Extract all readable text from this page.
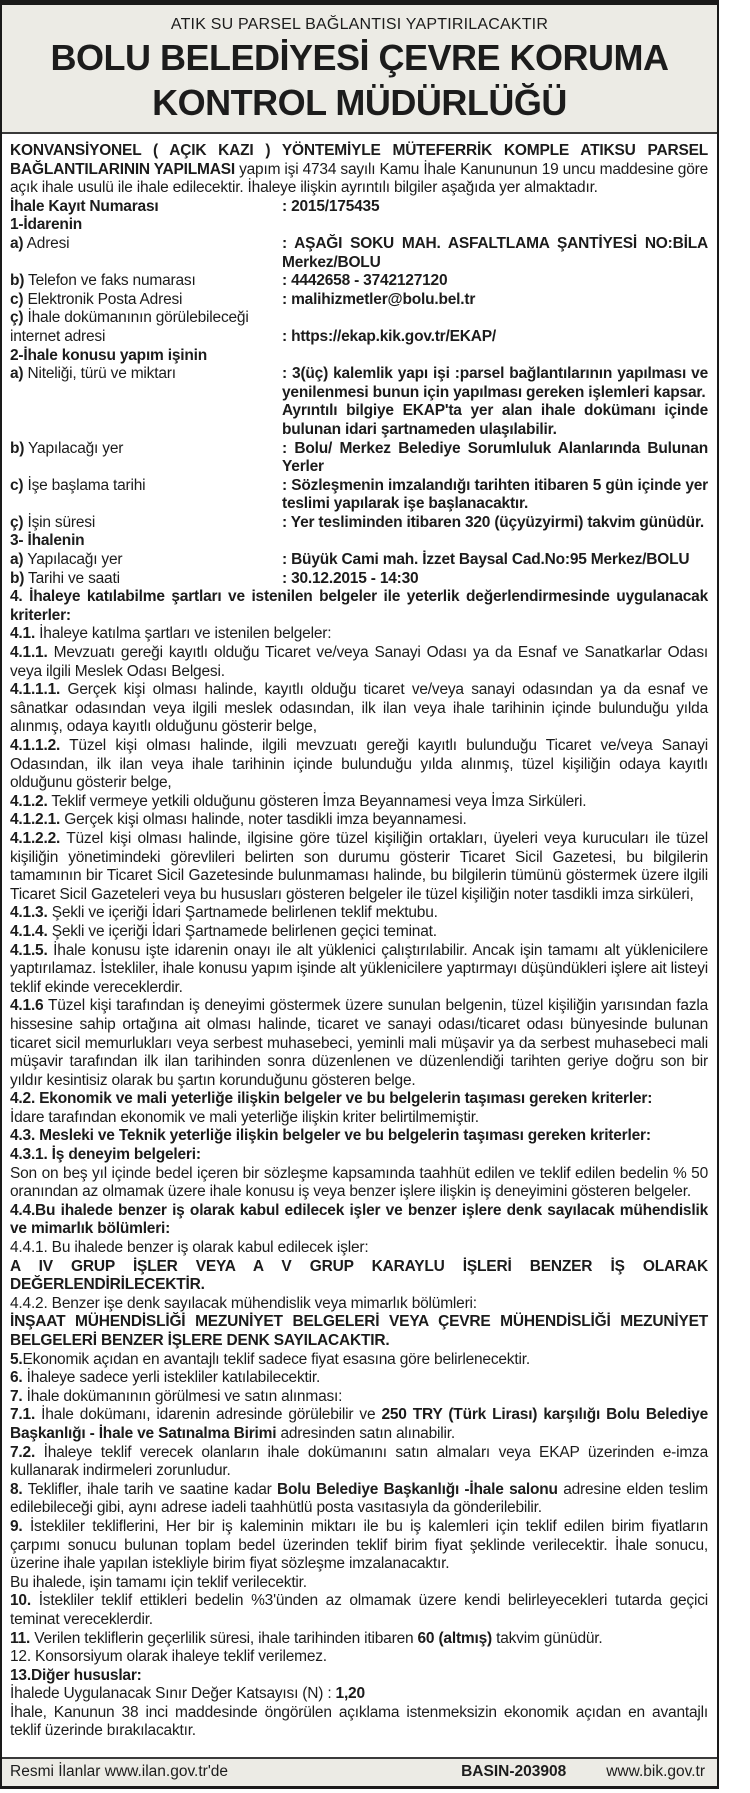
ATIK SU PARSEL BAĞLANTISI YAPTIRILACAKTIR
BOLU BELEDİYESİ ÇEVRE KORUMA
KONTROL MÜDÜRLÜĞÜ

KONVANSİYONEL ( AÇIK KAZI ) YÖNTEMİYLE MÜTEFERRİK KOMPLE ATIKSU PARSEL BAĞLANTILARININ YAPILMASI yapım işi 4734 sayılı Kamu İhale Kanununun 19 uncu maddesine göre açık ihale usulü ile ihale edilecektir. İhaleye ilişkin ayrıntılı bilgiler aşağıda yer almaktadır.

İhale Kayıt Numarası	: 2015/175435

1-İdarenin

a) Adresi	: AŞAĞI SOKU MAH. ASFALTLAMA ŞANTİYESİ NO:BİLA Merkez/BOLU
b) Telefon ve faks numarası	: 4442658 - 3742127120
c) Elektronik Posta Adresi	: malihizmetler@bolu.bel.tr
ç) İhale dokümanının görülebileceği internet adresi	: https://ekap.kik.gov.tr/EKAP/

2-İhale konusu yapım işinin

a) Niteliği, türü ve miktarı	: 3(üç) kalemlik yapı işi :parsel bağlantılarının yapılması ve yenilenmesi bunun için yapılması gereken işlemleri kapsar.

Ayrıntılı bilgiye EKAP'ta yer alan ihale dokümanı içinde bulunan idari şartnameden ulaşılabilir.

b) Yapılacağı yer	: Bolu/ Merkez Belediye Sorumluluk Alanlarında Bulunan Yerler
c) İşe başlama tarihi	: Sözleşmenin imzalandığı tarihten itibaren 5 gün içinde yer teslimi yapılarak işe başlanacaktır.
ç) İşin süresi	: Yer tesliminden itibaren 320 (üçyüzyirmi) takvim günüdür.

3- İhalenin

a) Yapılacağı yer	: Büyük Cami mah. İzzet Baysal Cad.No:95 Merkez/BOLU
b) Tarihi ve saati	: 30.12.2015 - 14:30

4. İhaleye katılabilme şartları ve istenilen belgeler ile yeterlik değerlendirmesinde uygulanacak kriterler:

4.1. İhaleye katılma şartları ve istenilen belgeler:

4.1.1. Mevzuatı gereği kayıtlı olduğu Ticaret ve/veya Sanayi Odası ya da Esnaf ve Sanatkarlar Odası veya ilgili Meslek Odası Belgesi.

4.1.1.1. Gerçek kişi olması halinde, kayıtlı olduğu ticaret ve/veya sanayi odasından ya da esnaf ve sânatkar odasından veya ilgili meslek odasından, ilk ilan veya ihale tarihinin içinde bulunduğu yılda alınmış, odaya kayıtlı olduğunu gösterir belge,

4.1.1.2. Tüzel kişi olması halinde, ilgili mevzuatı gereği kayıtlı bulunduğu Ticaret ve/veya Sanayi Odasından, ilk ilan veya ihale tarihinin içinde bulunduğu yılda alınmış, tüzel kişiliğin odaya kayıtlı olduğunu gösterir belge,

4.1.2. Teklif vermeye yetkili olduğunu gösteren İmza Beyannamesi veya İmza Sirküleri.

4.1.2.1. Gerçek kişi olması halinde, noter tasdikli imza beyannamesi.

4.1.2.2. Tüzel kişi olması halinde, ilgisine göre tüzel kişiliğin ortakları, üyeleri veya kurucuları ile tüzel kişiliğin yönetimindeki görevlileri belirten son durumu gösterir Ticaret Sicil Gazetesi, bu bilgilerin tamamının bir Ticaret Sicil Gazetesinde bulunmaması halinde, bu bilgilerin tümünü göstermek üzere ilgili Ticaret Sicil Gazeteleri veya bu hususları gösteren belgeler ile tüzel kişiliğin noter tasdikli imza sirküleri,

4.1.3. Şekli ve içeriği İdari Şartnamede belirlenen teklif mektubu.

4.1.4. Şekli ve içeriği İdari Şartnamede belirlenen geçici teminat.

4.1.5. İhale konusu işte idarenin onayı ile alt yüklenici çalıştırılabilir. Ancak işin tamamı alt yüklenicilere yaptırılamaz. İstekliler, ihale konusu yapım işinde alt yüklenicilere yaptırmayı düşündükleri işlere ait listeyi teklif ekinde vereceklerdir.

4.1.6 Tüzel kişi tarafından iş deneyimi göstermek üzere sunulan belgenin, tüzel kişiliğin yarısından fazla hissesine sahip ortağına ait olması halinde, ticaret ve sanayi odası/ticaret odası bünyesinde bulunan ticaret sicil memurlukları veya serbest muhasebeci, yeminli mali müşavir ya da serbest muhasebeci mali müşavir tarafından ilk ilan tarihinden sonra düzenlenen ve düzenlendiği tarihten geriye doğru son bir yıldır kesintisiz olarak bu şartın korunduğunu gösteren belge.

4.2. Ekonomik ve mali yeterliğe ilişkin belgeler ve bu belgelerin taşıması gereken kriterler:

İdare tarafından ekonomik ve mali yeterliğe ilişkin kriter belirtilmemiştir.

4.3. Mesleki ve Teknik yeterliğe ilişkin belgeler ve bu belgelerin taşıması gereken kriterler:

4.3.1. İş deneyim belgeleri:

Son on beş yıl içinde bedel içeren bir sözleşme kapsamında taahhüt edilen ve teklif edilen bedelin % 50 oranından az olmamak üzere ihale konusu iş veya benzer işlere ilişkin iş deneyimini gösteren belgeler.

4.4.Bu ihalede benzer iş olarak kabul edilecek işler ve benzer işlere denk sayılacak mühendislik ve mimarlık bölümleri:

4.4.1. Bu ihalede benzer iş olarak kabul edilecek işler:

A IV GRUP İŞLER VEYA A V GRUP KARAYLU İŞLERİ BENZER İŞ OLARAK DEĞERLENDİRİLECEKTİR.

4.4.2. Benzer işe denk sayılacak mühendislik veya mimarlık bölümleri:

İNŞAAT MÜHENDİSLİĞİ MEZUNİYET BELGELERİ VEYA ÇEVRE MÜHENDİSLİĞİ MEZUNİYET BELGELERİ BENZER İŞLERE DENK SAYILACAKTIR.

5.Ekonomik açıdan en avantajlı teklif sadece fiyat esasına göre belirlenecektir.

6. İhaleye sadece yerli istekliler katılabilecektir.

7. İhale dokümanının görülmesi ve satın alınması:

7.1. İhale dokümanı, idarenin adresinde görülebilir ve 250 TRY (Türk Lirası) karşılığı Bolu Belediye Başkanlığı - İhale ve Satınalma Birimi adresinden satın alınabilir.

7.2. İhaleye teklif verecek olanların ihale dokümanını satın almaları veya EKAP üzerinden e-imza kullanarak indirmeleri zorunludur.

8. Teklifler, ihale tarih ve saatine kadar Bolu Belediye Başkanlığı -İhale salonu adresine elden teslim edilebileceği gibi, aynı adrese iadeli taahhütlü posta vasıtasıyla da gönderilebilir.

9. İstekliler tekliflerini, Her bir iş kaleminin miktarı ile bu iş kalemleri için teklif edilen birim fiyatların çarpımı sonucu bulunan toplam bedel üzerinden teklif birim fiyat şeklinde verilecektir. İhale sonucu, üzerine ihale yapılan istekliyle birim fiyat sözleşme imzalanacaktır.

Bu ihalede, işin tamamı için teklif verilecektir.

10. İstekliler teklif ettikleri bedelin %3'ünden az olmamak üzere kendi belirleyecekleri tutarda geçici teminat vereceklerdir.

11. Verilen tekliflerin geçerlilik süresi, ihale tarihinden itibaren 60 (altmış) takvim günüdür.

12. Konsorsiyum olarak ihaleye teklif verilemez.

13.Diğer hususlar:

İhalede Uygulanacak Sınır Değer Katsayısı (N) : 1,20

İhale, Kanunun 38 inci maddesinde öngörülen açıklama istenmeksizin ekonomik açıdan en avantajlı teklif üzerinde bırakılacaktır.

Resmi İlanlar www.ilan.gov.tr'de	BASIN-203908	www.bik.gov.tr
